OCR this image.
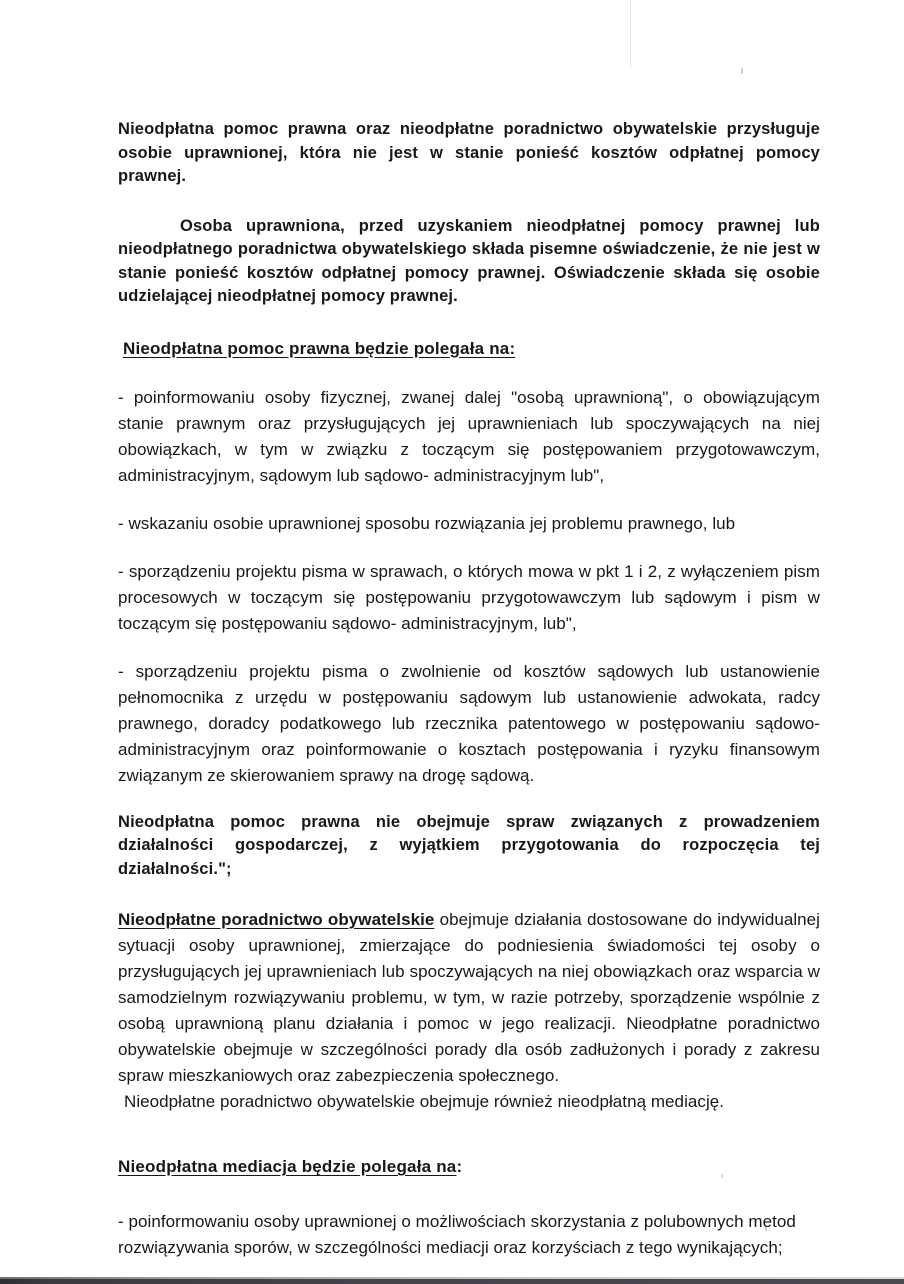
Nieodpłatna pomoc prawna oraz nieodpłatne poradnictwo obywatelskie przysługuje osobie uprawnionej, która nie jest w stanie ponieść kosztów odpłatnej pomocy prawnej.

Osoba uprawniona, przed uzyskaniem nieodpłatnej pomocy prawnej lub nieodpłatnego poradnictwa obywatelskiego składa pisemne oświadczenie, że nie jest w stanie ponieść kosztów odpłatnej pomocy prawnej. Oświadczenie składa się osobie udzielającej nieodpłatnej pomocy prawnej.

Nieodpłatna pomoc prawna będzie polegała na:

- poinformowaniu osoby fizycznej, zwanej dalej "osobą uprawnioną", o obowiązującym stanie prawnym oraz przysługujących jej uprawnieniach lub spoczywających na niej obowiązkach, w tym w związku z toczącym się postępowaniem przygotowawczym, administracyjnym, sądowym lub sądowo- administracyjnym lub",

- wskazaniu osobie uprawnionej sposobu rozwiązania jej problemu prawnego, lub

- sporządzeniu projektu pisma w sprawach, o których mowa w pkt 1 i 2, z wyłączeniem pism procesowych w toczącym się postępowaniu przygotowawczym lub sądowym i pism w toczącym się postępowaniu sądowo- administracyjnym, lub",

- sporządzeniu projektu pisma o zwolnienie od kosztów sądowych lub ustanowienie pełnomocnika z urzędu w postępowaniu sądowym lub ustanowienie adwokata, radcy prawnego, doradcy podatkowego lub rzecznika patentowego w postępowaniu sądowo- administracyjnym oraz poinformowanie o kosztach postępowania i ryzyku finansowym związanym ze skierowaniem sprawy na drogę sądową.

Nieodpłatna pomoc prawna nie obejmuje spraw związanych z prowadzeniem działalności gospodarczej, z wyjątkiem przygotowania do rozpoczęcia tej działalności.";

Nieodpłatne poradnictwo obywatelskie obejmuje działania dostosowane do indywidualnej sytuacji osoby uprawnionej, zmierzające do podniesienia świadomości tej osoby o przysługujących jej uprawnieniach lub spoczywających na niej obowiązkach oraz wsparcia w samodzielnym rozwiązywaniu problemu, w tym, w razie potrzeby, sporządzenie wspólnie z osobą uprawnioną planu działania i pomoc w jego realizacji. Nieodpłatne poradnictwo obywatelskie obejmuje w szczególności porady dla osób zadłużonych i porady z zakresu spraw mieszkaniowych oraz zabezpieczenia społecznego.

Nieodpłatne poradnictwo obywatelskie obejmuje również nieodpłatną mediację.

Nieodpłatna mediacja będzie polegała na:

- poinformowaniu osoby uprawnionej o możliwościach skorzystania z polubownych metod rozwiązywania sporów, w szczególności mediacji oraz korzyściach z tego wynikających;
